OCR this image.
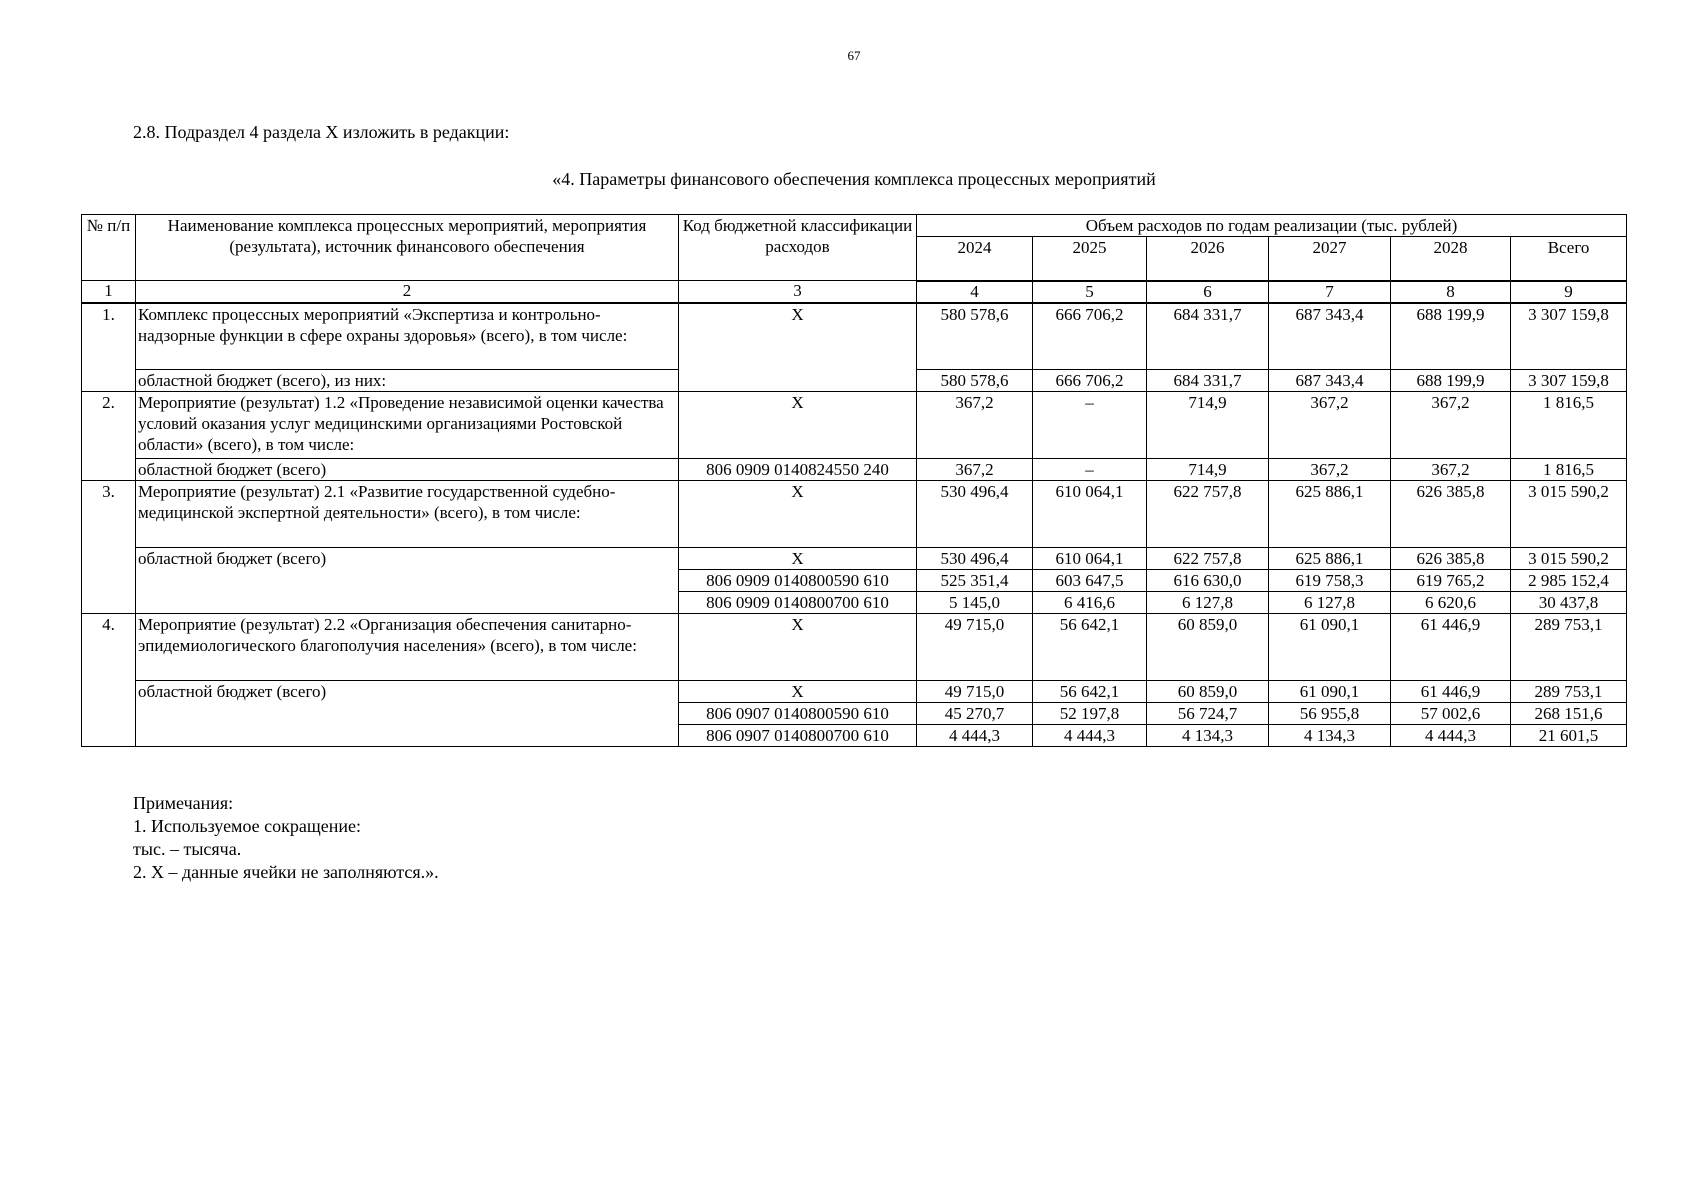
67
2.8. Подраздел 4 раздела X изложить в редакции:
«4. Параметры финансового обеспечения комплекса процессных мероприятий
№ п/п	Наименование комплекса процессных мероприятий, мероприятия (результата), источник финансового обеспечения	Код бюджетной классификации расходов	Объем расходов по годам реализации (тыс. рублей)					
			2024	2025	2026	2027	2028	Всего
1	2	3	4	5	6	7	8	9
1.	Комплекс процессных мероприятий «Экспертиза и контрольно-надзорные функции в сфере охраны здоровья» (всего), в том числе:	X	580 578,6	666 706,2	684 331,7	687 343,4	688 199,9	3 307 159,8
	областной бюджет (всего), из них:		580 578,6	666 706,2	684 331,7	687 343,4	688 199,9	3 307 159,8
2.	Мероприятие (результат) 1.2 «Проведение независимой оценки качества условий оказания услуг медицинскими организациями Ростовской области» (всего), в том числе:	X	367,2	–	714,9	367,2	367,2	1 816,5
	областной бюджет (всего)	806 0909 0140824550 240	367,2	–	714,9	367,2	367,2	1 816,5
3.	Мероприятие (результат) 2.1 «Развитие государственной судебно-медицинской экспертной деятельности» (всего), в том числе:	X	530 496,4	610 064,1	622 757,8	625 886,1	626 385,8	3 015 590,2
	областной бюджет (всего)	X	530 496,4	610 064,1	622 757,8	625 886,1	626 385,8	3 015 590,2
		806 0909 0140800590 610	525 351,4	603 647,5	616 630,0	619 758,3	619 765,2	2 985 152,4
		806 0909 0140800700 610	5 145,0	6 416,6	6 127,8	6 127,8	6 620,6	30 437,8
4.	Мероприятие (результат) 2.2 «Организация обеспечения санитарно-эпидемиологического благополучия населения» (всего), в том числе:	X	49 715,0	56 642,1	60 859,0	61 090,1	61 446,9	289 753,1
	областной бюджет (всего)	X	49 715,0	56 642,1	60 859,0	61 090,1	61 446,9	289 753,1
		806 0907 0140800590 610	45 270,7	52 197,8	56 724,7	56 955,8	57 002,6	268 151,6
		806 0907 0140800700 610	4 444,3	4 444,3	4 134,3	4 134,3	4 444,3	21 601,5
Примечания:
1. Используемое сокращение:
тыс. – тысяча.
2. X – данные ячейки не заполняются.».
